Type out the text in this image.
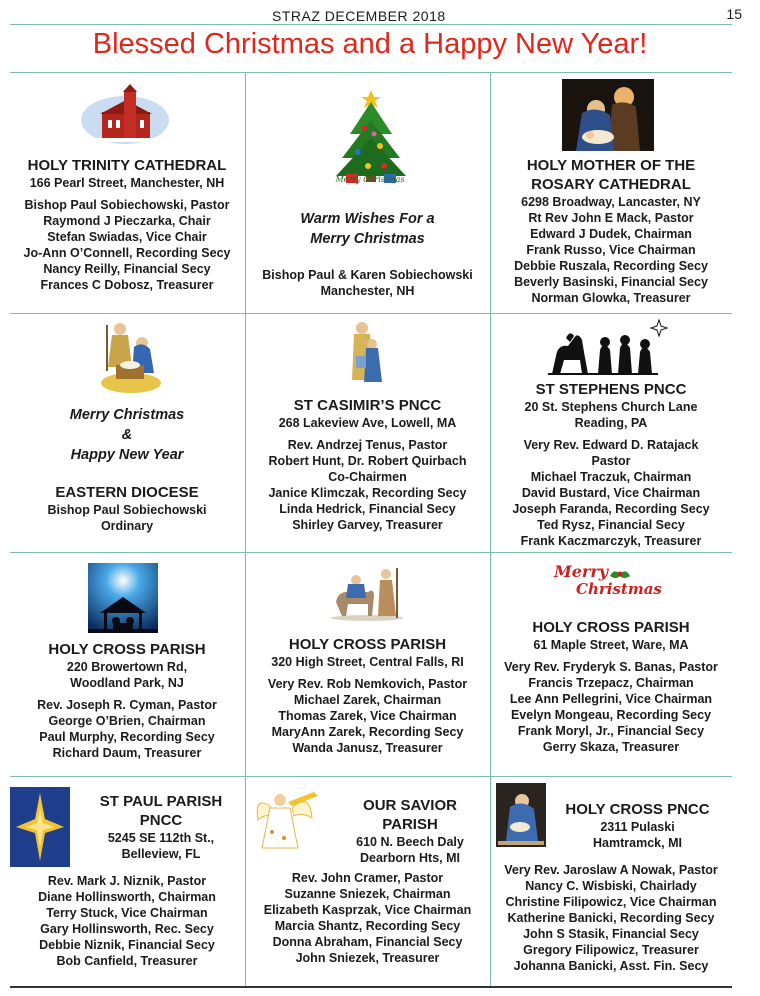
STRAZ DECEMBER 2018	15
Blessed Christmas and a Happy New Year!
HOLY TRINITY CATHEDRAL
166 Pearl Street, Manchester, NH
Bishop Paul Sobiechowski, Pastor
Raymond J Pieczarka, Chair
Stefan Swiadas, Vice Chair
Jo-Ann O’Connell, Recording Secy
Nancy Reilly, Financial Secy
Frances C Dobosz, Treasurer
Merry Christmas
Warm Wishes For a
Merry Christmas
Bishop Paul & Karen Sobiechowski
Manchester, NH
HOLY MOTHER OF THE
ROSARY CATHEDRAL
6298 Broadway, Lancaster, NY
Rt Rev John E Mack, Pastor
Edward J Dudek, Chairman
Frank Russo, Vice Chairman
Debbie Ruszala, Recording Secy
Beverly Basinski, Financial Secy
Norman Glowka, Treasurer
Merry Christmas
&
Happy New Year
EASTERN DIOCESE
Bishop Paul Sobiechowski
Ordinary
ST CASIMIR’S PNCC
268 Lakeview Ave, Lowell, MA
Rev. Andrzej Tenus, Pastor
Robert Hunt, Dr. Robert Quirbach
Co-Chairmen
Janice Klimczak, Recording Secy
Linda Hedrick, Financial Secy
Shirley Garvey, Treasurer
ST STEPHENS PNCC
20 St. Stephens Church Lane
Reading, PA
Very Rev. Edward D. Ratajack
Pastor
Michael Traczuk, Chairman
David Bustard, Vice Chairman
Joseph Faranda, Recording Secy
Ted Rysz, Financial Secy
Frank Kaczmarczyk, Treasurer
HOLY CROSS PARISH
220 Browertown Rd,
Woodland Park, NJ
Rev. Joseph R. Cyman, Pastor
George O’Brien, Chairman
Paul Murphy, Recording Secy
Richard Daum, Treasurer
HOLY CROSS PARISH
320 High Street, Central Falls, RI
Very Rev. Rob Nemkovich, Pastor
Michael Zarek, Chairman
Thomas Zarek, Vice Chairman
MaryAnn Zarek, Recording Secy
Wanda Janusz, Treasurer
Merry
Christmas
HOLY CROSS PARISH
61 Maple Street, Ware, MA
Very Rev. Fryderyk S. Banas, Pastor
Francis Trzepacz, Chairman
Lee Ann Pellegrini, Vice Chairman
Evelyn Mongeau, Recording Secy
Frank Moryl, Jr., Financial Secy
Gerry Skaza, Treasurer
ST PAUL PARISH
PNCC
5245 SE 112th St.,
Belleview, FL
Rev. Mark J. Niznik, Pastor
Diane Hollinsworth, Chairman
Terry Stuck, Vice Chairman
Gary Hollinsworth, Rec. Secy
Debbie Niznik, Financial Secy
Bob Canfield, Treasurer
OUR SAVIOR
PARISH
610 N. Beech Daly
Dearborn Hts, MI
Rev. John Cramer, Pastor
Suzanne Sniezek, Chairman
Elizabeth Kasprzak, Vice Chairman
Marcia Shantz, Recording Secy
Donna Abraham, Financial Secy
John Sniezek, Treasurer
HOLY CROSS PNCC
2311 Pulaski
Hamtramck, MI
Very Rev. Jaroslaw A Nowak, Pastor
Nancy C. Wisbiski, Chairlady
Christine Filipowicz, Vice Chairman
Katherine Banicki, Recording Secy
John S Stasik, Financial Secy
Gregory Filipowicz, Treasurer
Johanna Banicki, Asst. Fin. Secy
